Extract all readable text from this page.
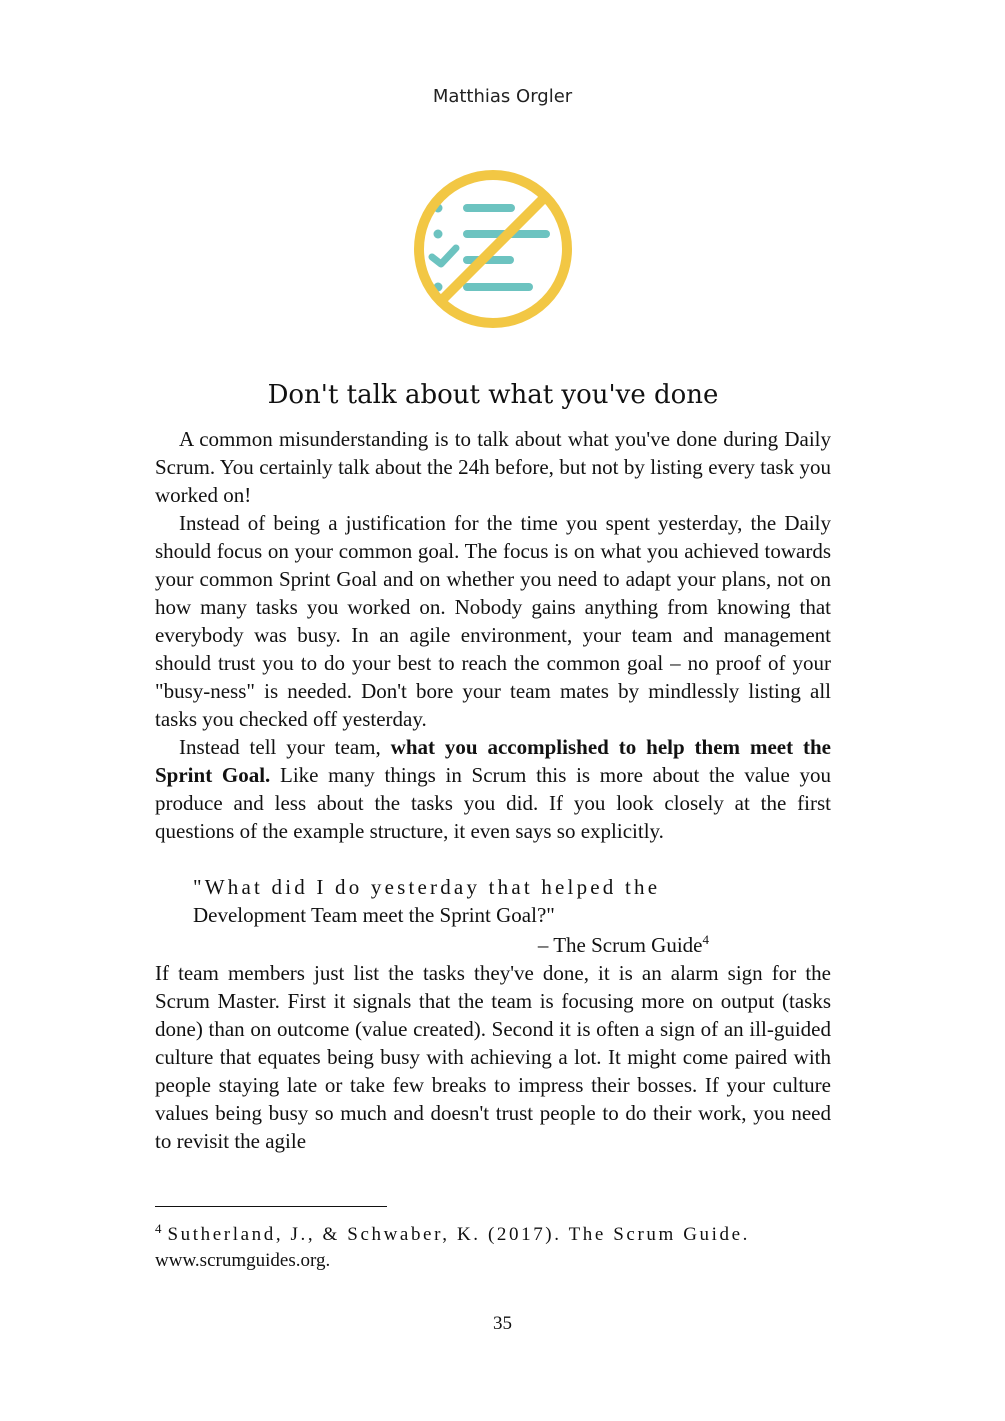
Matthias Orgler
Don't talk about what you've done

A common misunderstanding is to talk about what you've done during Daily Scrum. You certainly talk about the 24h before, but not by listing every task you worked on!

Instead of being a justification for the time you spent yesterday, the Daily should focus on your common goal. The focus is on what you achieved towards your common Sprint Goal and on whether you need to adapt your plans, not on how many tasks you worked on. Nobody gains anything from knowing that everybody was busy. In an agile environment, your team and management should trust you to do your best to reach the common goal – no proof of your "busy-ness" is needed. Don't bore your team mates by mindlessly listing all tasks you checked off yesterday.

Instead tell your team, what you accomplished to help them meet the Sprint Goal. Like many things in Scrum this is more about the value you produce and less about the tasks you did. If you look closely at the first questions of the example structure, it even says so explicitly.

"What did I do yesterday that helped the
Development Team meet the Sprint Goal?"
– The Scrum Guide$^4$

If team members just list the tasks they've done, it is an alarm sign for the Scrum Master. First it signals that the team is focusing more on output (tasks done) than on outcome (value created). Second it is often a sign of an ill-guided culture that equates being busy with achieving a lot. It might come paired with people staying late or take few breaks to impress their bosses. If your culture values being busy so much and doesn't trust people to do their work, you need to revisit the agile

$^4$ Sutherland, J., & Schwaber, K. (2017). The Scrum Guide.
www.scrumguides.org.
35
